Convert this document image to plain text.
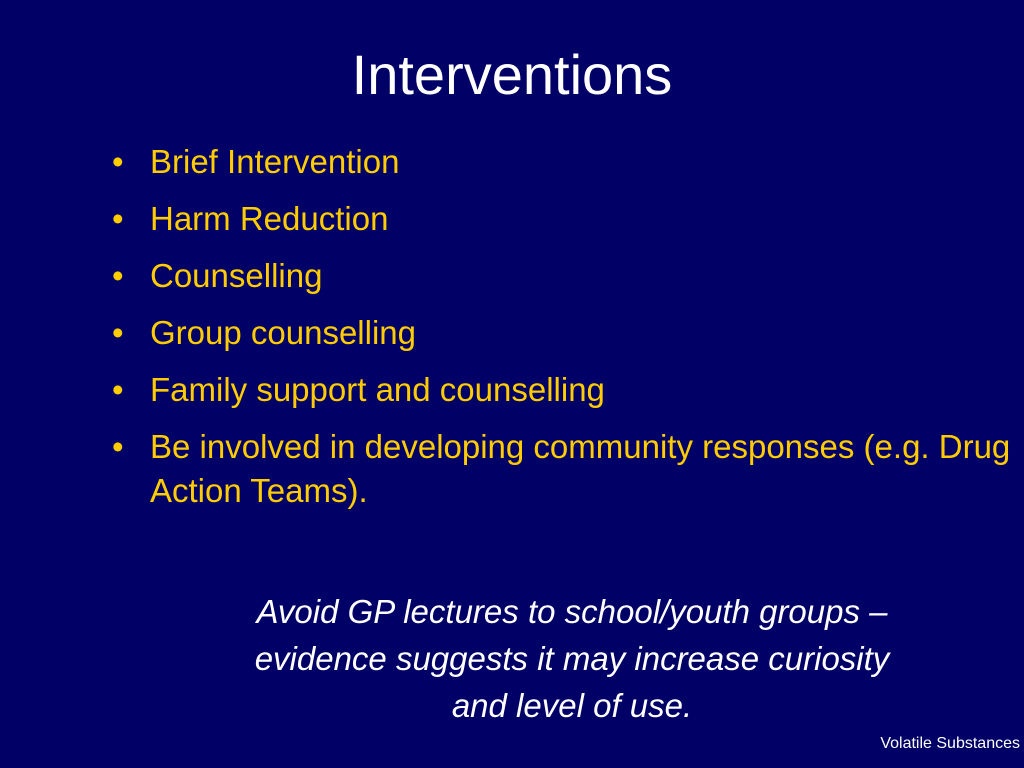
Interventions
• Brief Intervention
• Harm Reduction
• Counselling
• Group counselling
• Family support and counselling
• Be involved in developing community responses (e.g. Drug Action Teams).

Avoid GP lectures to school/youth groups –
evidence suggests it may increase curiosity
and level of use.

Volatile Substances
